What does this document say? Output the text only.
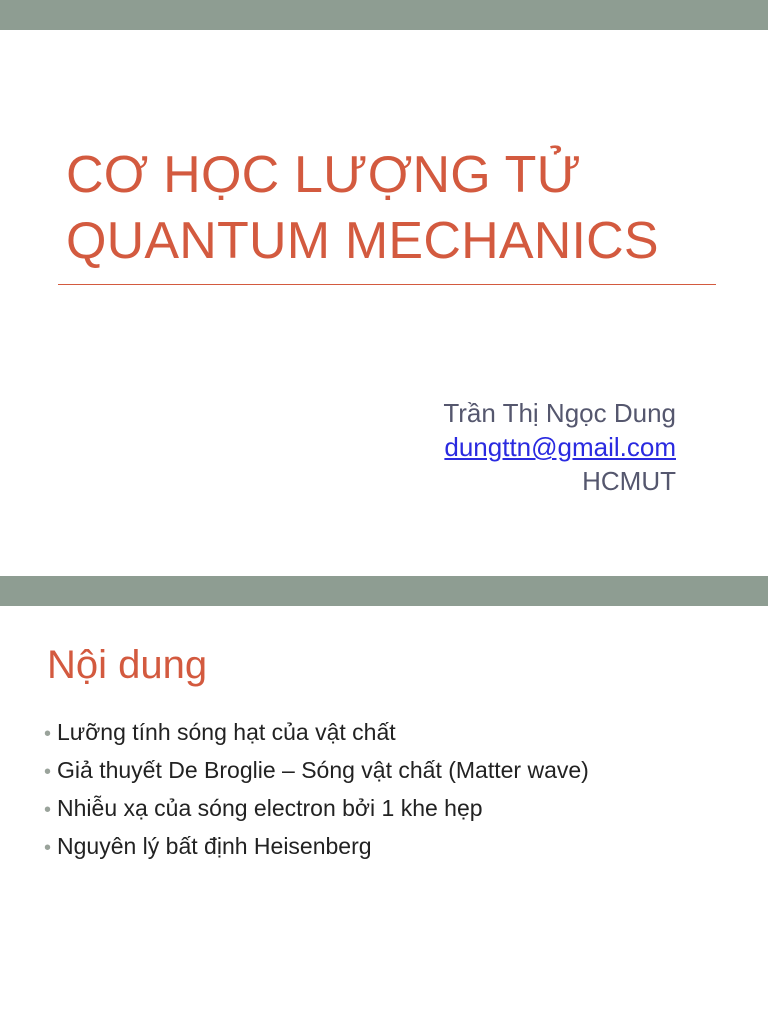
CƠ HỌC LƯỢNG TỬ
QUANTUM MECHANICS
Trần Thị Ngọc Dung
dungttn@gmail.com
HCMUT
Nội dung
• Lưỡng tính sóng hạt của vật chất
• Giả thuyết De Broglie – Sóng vật chất (Matter wave)
• Nhiễu xạ của sóng electron bởi 1 khe hẹp
• Nguyên lý bất định Heisenberg
